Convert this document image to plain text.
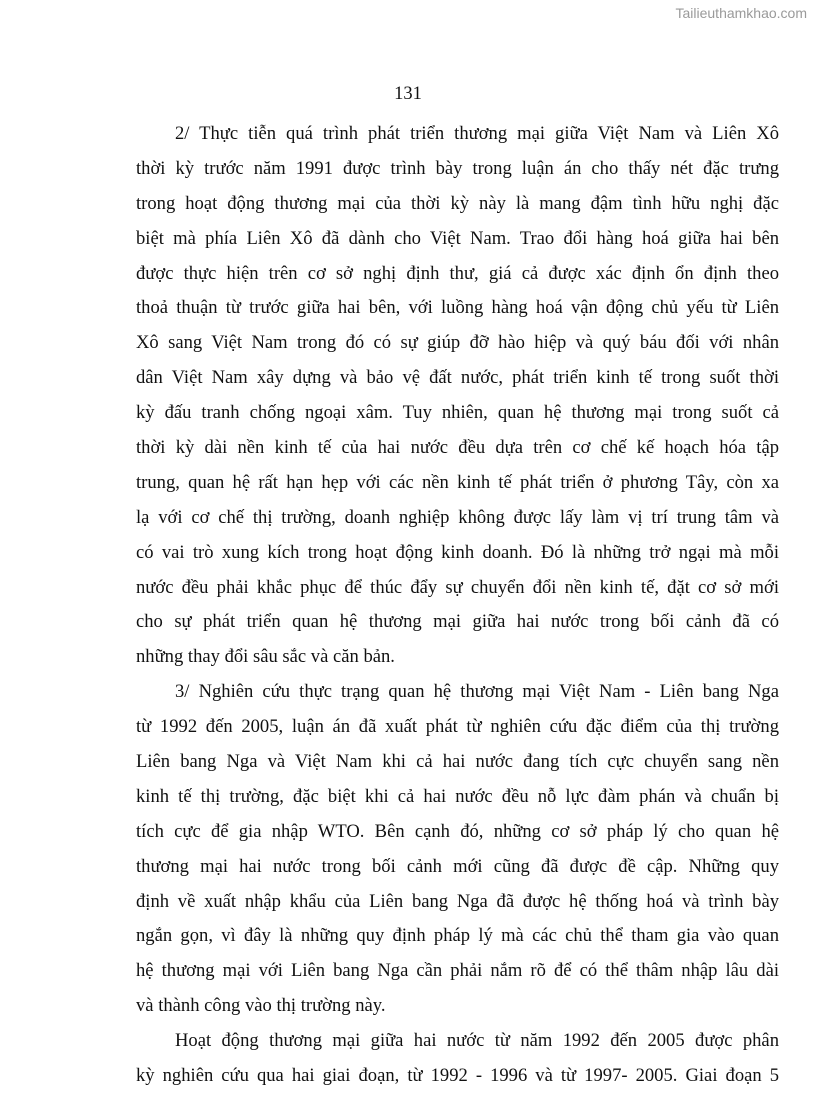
Tailieuthamkhao.com
131
2/ Thực tiễn quá trình phát triển thương mại giữa Việt Nam và Liên Xô
thời kỳ trước năm 1991 được trình bày trong luận án cho thấy nét đặc trưng
trong hoạt động thương mại của thời kỳ này là mang đậm tình hữu nghị đặc
biệt mà phía Liên Xô đã dành cho Việt Nam. Trao đổi hàng hoá giữa hai bên
được thực hiện trên cơ sở nghị định thư, giá cả được xác định ổn định theo
thoả thuận từ trước giữa hai bên, với luồng hàng hoá vận động chủ yếu từ Liên
Xô sang Việt Nam trong đó có sự giúp đỡ hào hiệp và quý báu đối với nhân
dân Việt Nam xây dựng và bảo vệ đất nước, phát triển kinh tế trong suốt thời
kỳ đấu tranh chống ngoại xâm. Tuy nhiên, quan hệ thương mại trong suốt cả
thời kỳ dài nền kinh tế của hai nước đều dựa trên cơ chế kế hoạch hóa tập
trung, quan hệ rất hạn hẹp với các nền kinh tế phát triển ở phương Tây, còn xa
lạ với cơ chế thị trường, doanh nghiệp không được lấy làm vị trí trung tâm và
có vai trò xung kích trong hoạt động kinh doanh. Đó là những trở ngại mà mỗi
nước đều phải khắc phục để thúc đẩy sự chuyển đổi nền kinh tế, đặt cơ sở mới
cho sự phát triển quan hệ thương mại giữa hai nước trong bối cảnh đã có
những thay đổi sâu sắc và căn bản.
3/ Nghiên cứu thực trạng quan hệ thương mại Việt Nam - Liên bang Nga
từ 1992 đến 2005, luận án đã xuất phát từ nghiên cứu đặc điểm của thị trường
Liên bang Nga và Việt Nam khi cả hai nước đang tích cực chuyển sang nền
kinh tế thị trường, đặc biệt khi cả hai nước đều nỗ lực đàm phán và chuẩn bị
tích cực để gia nhập WTO. Bên cạnh đó, những cơ sở pháp lý cho quan hệ
thương mại hai nước trong bối cảnh mới cũng đã được đề cập. Những quy
định về xuất nhập khẩu của Liên bang Nga đã được hệ thống hoá và trình bày
ngắn gọn, vì đây là những quy định pháp lý mà các chủ thể tham gia vào quan
hệ thương mại với Liên bang Nga cần phải nắm rõ để có thể thâm nhập lâu dài
và thành công vào thị trường này.
Hoạt động thương mại giữa hai nước từ năm 1992 đến 2005 được phân
kỳ nghiên cứu qua hai giai đoạn, từ 1992 - 1996 và từ 1997- 2005. Giai đoạn 5
